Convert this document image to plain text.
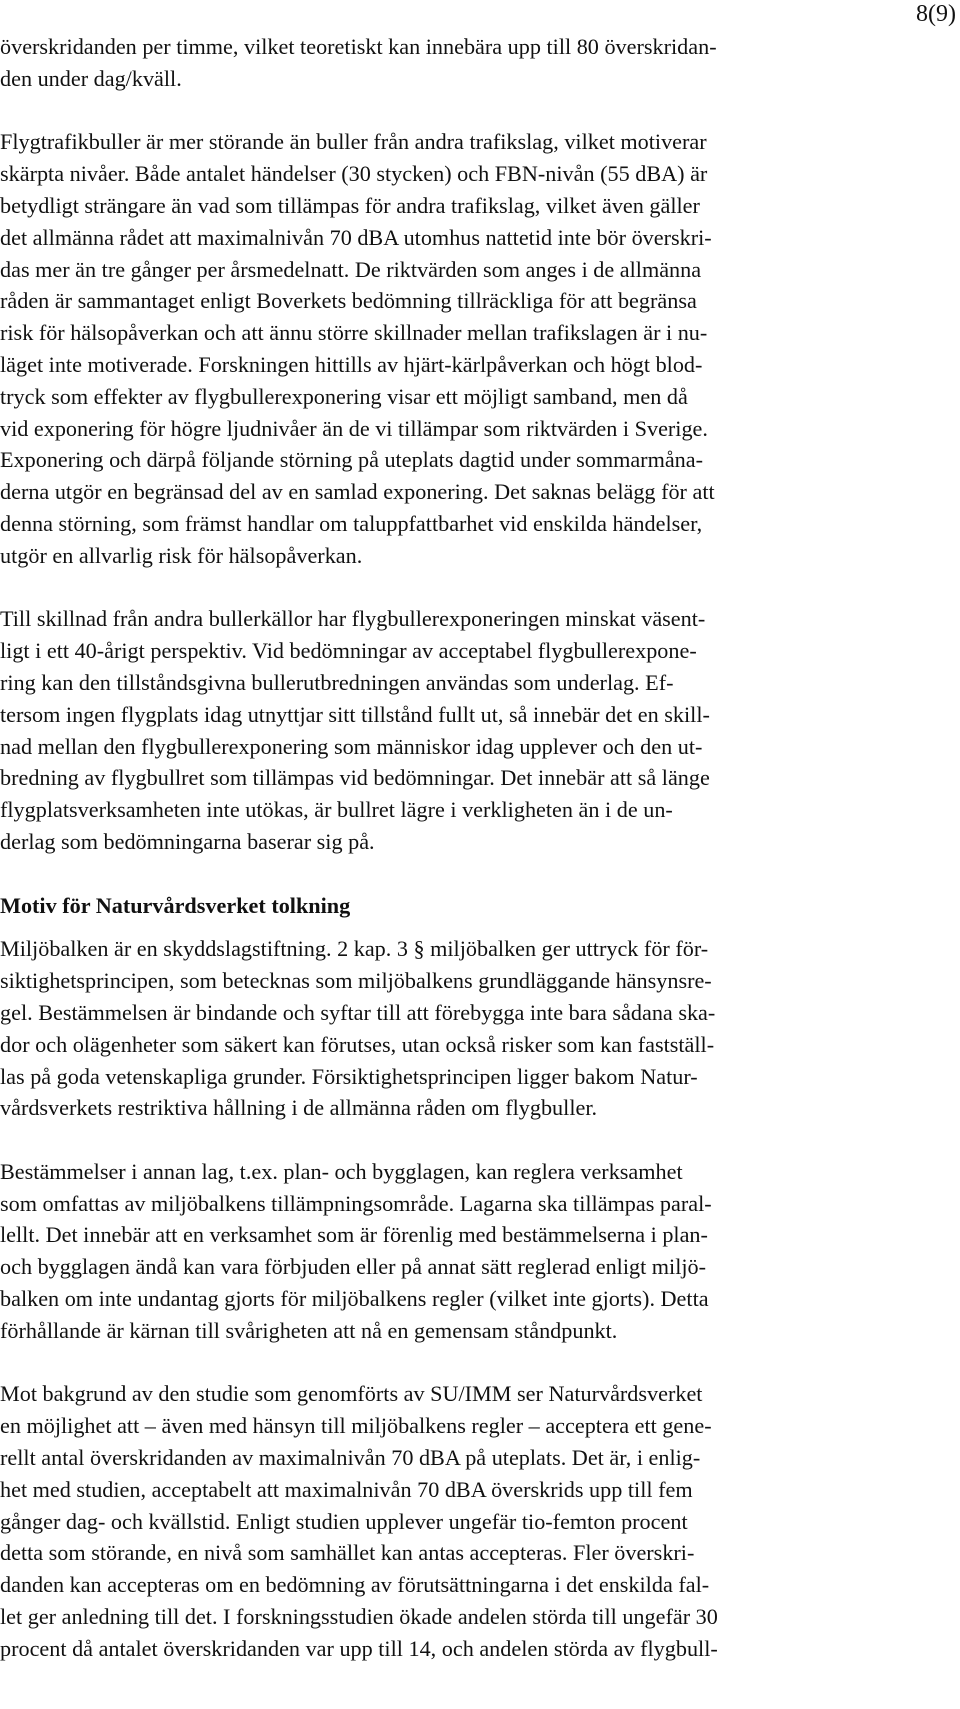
8(9)

överskridanden per timme, vilket teoretiskt kan innebära upp till 80 överskridan-
den under dag/kväll.

Flygtrafikbuller är mer störande än buller från andra trafikslag, vilket motiverar
skärpta nivåer. Både antalet händelser (30 stycken) och FBN-nivån (55 dBA) är
betydligt strängare än vad som tillämpas för andra trafikslag, vilket även gäller
det allmänna rådet att maximalnivån 70 dBA utomhus nattetid inte bör överskri-
das mer än tre gånger per årsmedelnatt. De riktvärden som anges i de allmänna
råden är sammantaget enligt Boverkets bedömning tillräckliga för att begränsa
risk för hälsopåverkan och att ännu större skillnader mellan trafikslagen är i nu-
läget inte motiverade. Forskningen hittills av hjärt-kärlpåverkan och högt blod-
tryck som effekter av flygbullerexponering visar ett möjligt samband, men då
vid exponering för högre ljudnivåer än de vi tillämpar som riktvärden i Sverige.
Exponering och därpå följande störning på uteplats dagtid under sommarmåna-
derna utgör en begränsad del av en samlad exponering. Det saknas belägg för att
denna störning, som främst handlar om taluppfattbarhet vid enskilda händelser,
utgör en allvarlig risk för hälsopåverkan.

Till skillnad från andra bullerkällor har flygbullerexponeringen minskat väsent-
ligt i ett 40-årigt perspektiv. Vid bedömningar av acceptabel flygbullerexpone-
ring kan den tillståndsgivna bullerutbredningen användas som underlag. Ef-
tersom ingen flygplats idag utnyttjar sitt tillstånd fullt ut, så innebär det en skill-
nad mellan den flygbullerexponering som människor idag upplever och den ut-
bredning av flygbullret som tillämpas vid bedömningar. Det innebär att så länge
flygplatsverksamheten inte utökas, är bullret lägre i verkligheten än i de un-
derlag som bedömningarna baserar sig på.

Motiv för Naturvårdsverket tolkning

Miljöbalken är en skyddslagstiftning. 2 kap. 3 § miljöbalken ger uttryck för för-
siktighetsprincipen, som betecknas som miljöbalkens grundläggande hänsynsre-
gel. Bestämmelsen är bindande och syftar till att förebygga inte bara sådana ska-
dor och olägenheter som säkert kan förutses, utan också risker som kan fastställ-
las på goda vetenskapliga grunder. Försiktighetsprincipen ligger bakom Natur-
vårdsverkets restriktiva hållning i de allmänna råden om flygbuller.

Bestämmelser i annan lag, t.ex. plan- och bygglagen, kan reglera verksamhet
som omfattas av miljöbalkens tillämpningsområde. Lagarna ska tillämpas paral-
lellt. Det innebär att en verksamhet som är förenlig med bestämmelserna i plan-
och bygglagen ändå kan vara förbjuden eller på annat sätt reglerad enligt miljö-
balken om inte undantag gjorts för miljöbalkens regler (vilket inte gjorts). Detta
förhållande är kärnan till svårigheten att nå en gemensam ståndpunkt.

Mot bakgrund av den studie som genomförts av SU/IMM ser Naturvårdsverket
en möjlighet att – även med hänsyn till miljöbalkens regler – acceptera ett gene-
rellt antal överskridanden av maximalnivån 70 dBA på uteplats. Det är, i enlig-
het med studien, acceptabelt att maximalnivån 70 dBA överskrids upp till fem
gånger dag- och kvällstid. Enligt studien upplever ungefär tio-femton procent
detta som störande, en nivå som samhället kan antas accepteras. Fler överskri-
danden kan accepteras om en bedömning av förutsättningarna i det enskilda fal-
let ger anledning till det. I forskningsstudien ökade andelen störda till ungefär 30
procent då antalet överskridanden var upp till 14, och andelen störda av flygbull-
